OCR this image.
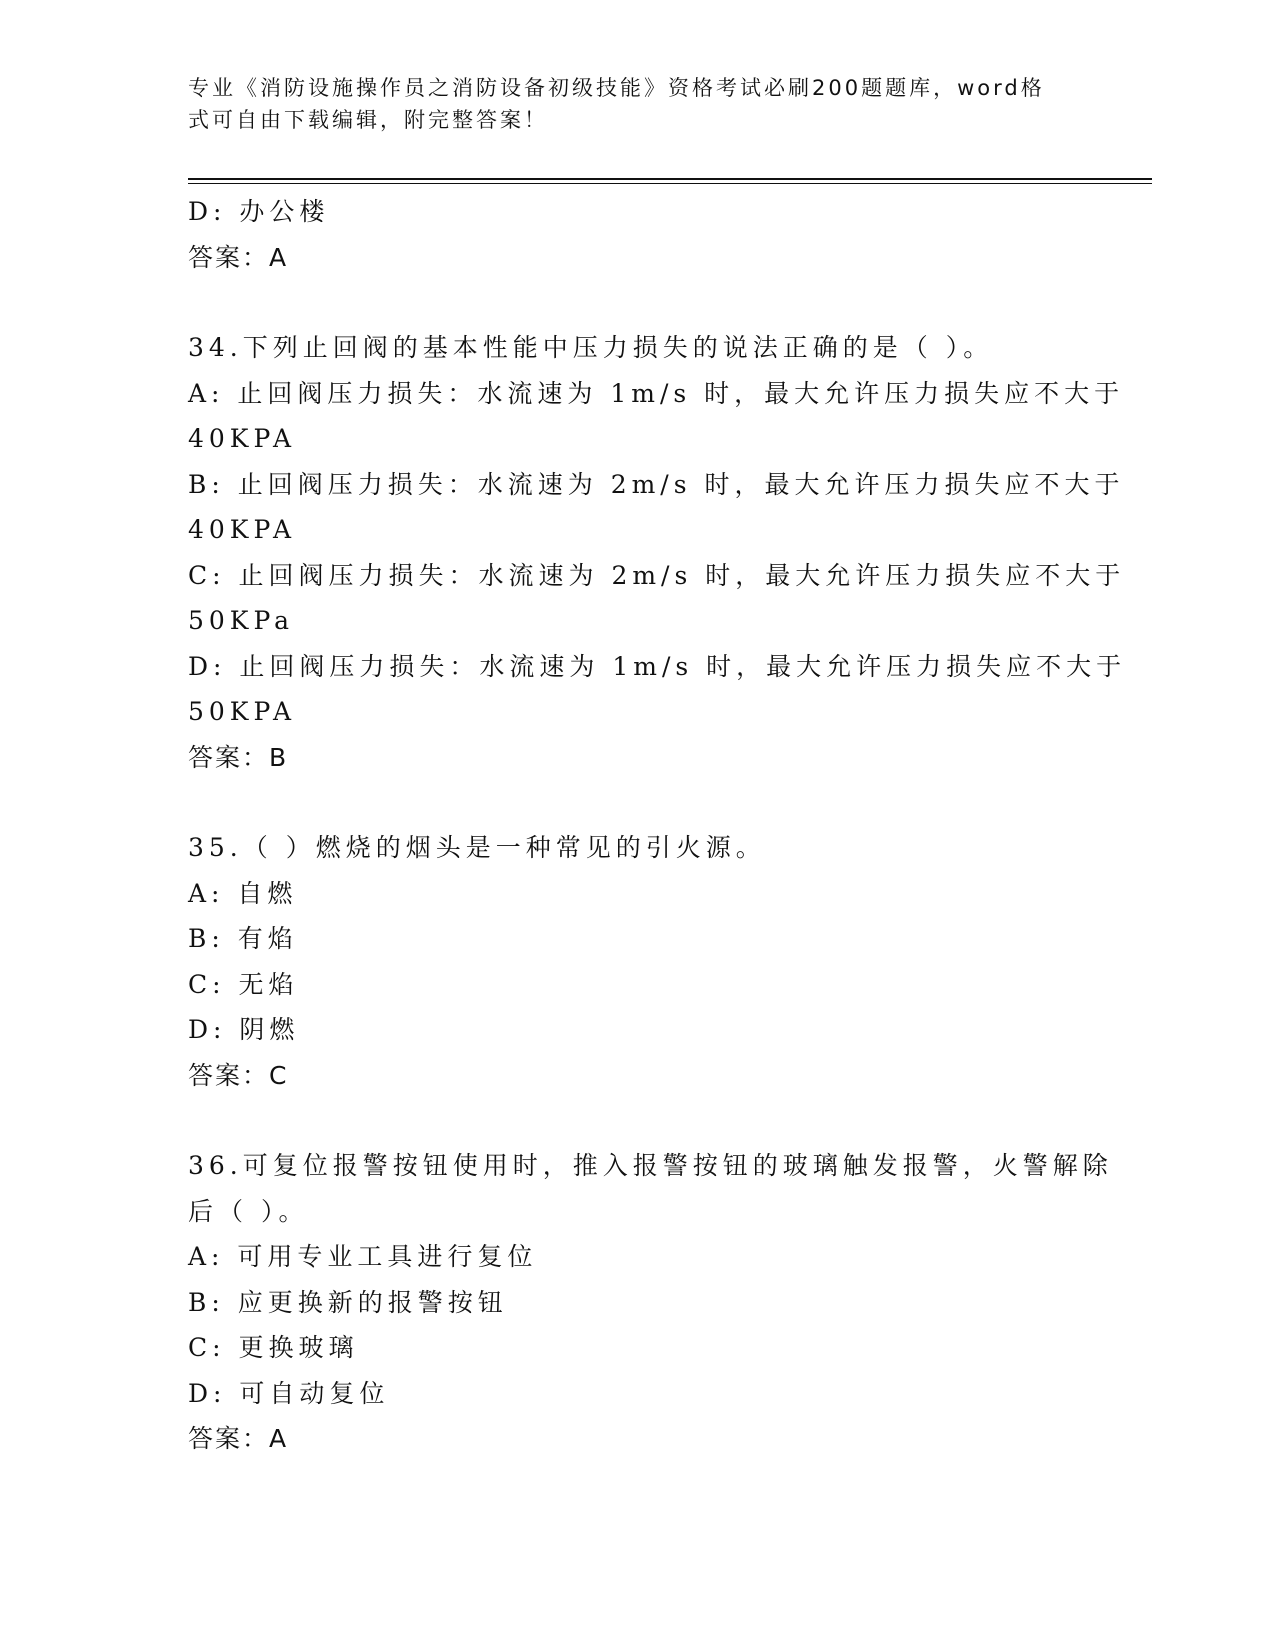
专业《消防设施操作员之消防设备初级技能》资格考试必刷200题题库，word格
式可自由下载编辑，附完整答案！
D: 办公楼
答案：A
34.下列止回阀的基本性能中压力损失的说法正确的是（ ）。
A: 止回阀压力损失：水流速为 1m/s 时，最大允许压力损失应不大于
40KPA
B: 止回阀压力损失：水流速为 2m/s 时，最大允许压力损失应不大于
40KPA
C: 止回阀压力损失：水流速为 2m/s 时，最大允许压力损失应不大于
50KPa
D: 止回阀压力损失：水流速为 1m/s 时，最大允许压力损失应不大于
50KPA
答案：B
35.（ ）燃烧的烟头是一种常见的引火源。
A: 自燃
B: 有焰
C: 无焰
D: 阴燃
答案：C
36.可复位报警按钮使用时，推入报警按钮的玻璃触发报警，火警解除
后（ ）。
A: 可用专业工具进行复位
B: 应更换新的报警按钮
C: 更换玻璃
D: 可自动复位
答案：A
